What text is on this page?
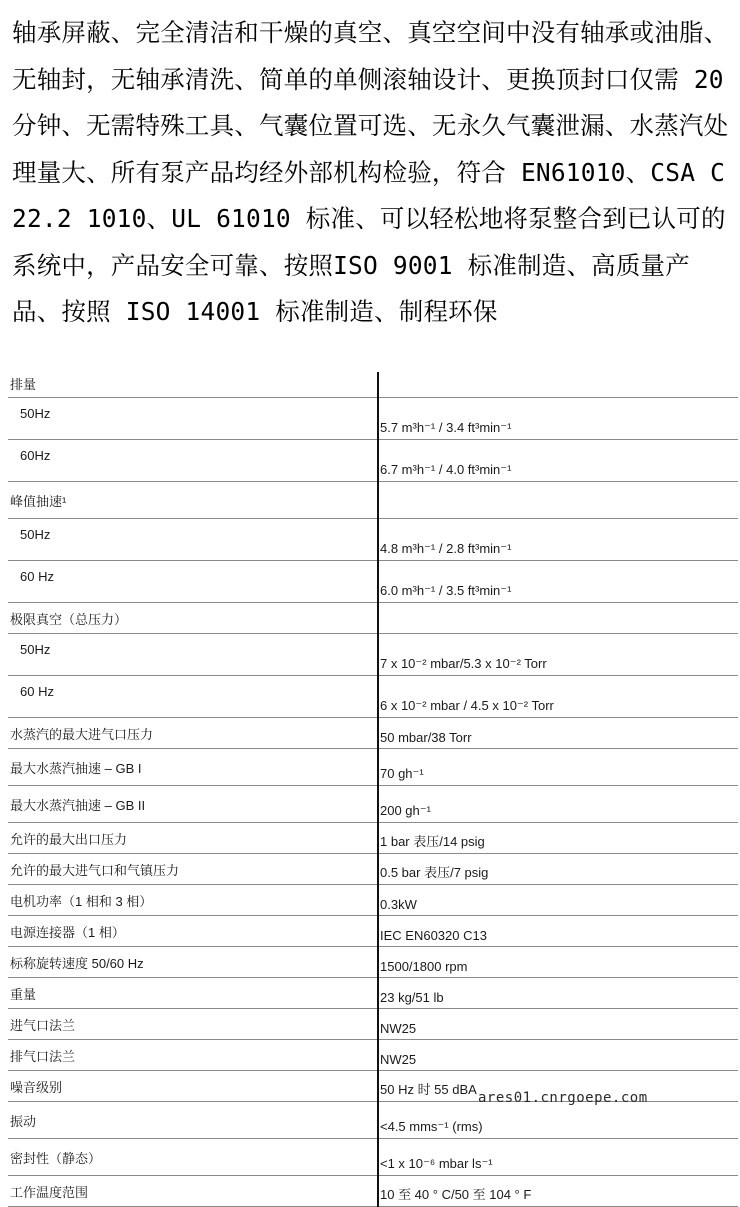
轴承屏蔽、完全清洁和干燥的真空、真空空间中没有轴承或油脂、无轴封，无轴承清洗、简单的单侧滚轴设计、更换顶封口仅需 20 分钟、无需特殊工具、气囊位置可选、无永久气囊泄漏、水蒸汽处理量大、所有泵产品均经外部机构检验，符合 EN61010、CSA C22.2 1010、UL 61010 标准、可以轻松地将泵整合到已认可的系统中，产品安全可靠、按照ISO 9001 标准制造、高质量产品、按照 ISO 14001 标准制造、制程环保

排量	
50Hz	5.7 m³h⁻¹ / 3.4 ft³min⁻¹
60Hz	6.7 m³h⁻¹ / 4.0 ft³min⁻¹
峰值抽速¹	
50Hz	4.8 m³h⁻¹ / 2.8 ft³min⁻¹
60 Hz	6.0 m³h⁻¹ / 3.5 ft³min⁻¹
极限真空（总压力）	
50Hz	7 x 10⁻² mbar/5.3 x 10⁻² Torr
60 Hz	6 x 10⁻² mbar / 4.5 x 10⁻² Torr
水蒸汽的最大进气口压力	50 mbar/38 Torr
最大水蒸汽抽速 – GB I	70 gh⁻¹
最大水蒸汽抽速 – GB II	200 gh⁻¹
允许的最大出口压力	1 bar 表压/14 psig
允许的最大进气口和气镇压力	0.5 bar 表压/7 psig
电机功率（1 相和 3 相）	0.3kW
电源连接器（1 相）	IEC EN60320 C13
标称旋转速度 50/60 Hz	1500/1800 rpm
重量	23 kg/51 lb
进气口法兰	NW25
排气口法兰	NW25
噪音级别	50 Hz 时 55 dBA
振动	<4.5 mms⁻¹ (rms)
密封性（静态）	<1 x 10⁻⁶ mbar ls⁻¹
工作温度范围	10 至 40 ° C/50 至 104 ° F
ares01.cnrgoepe.com
